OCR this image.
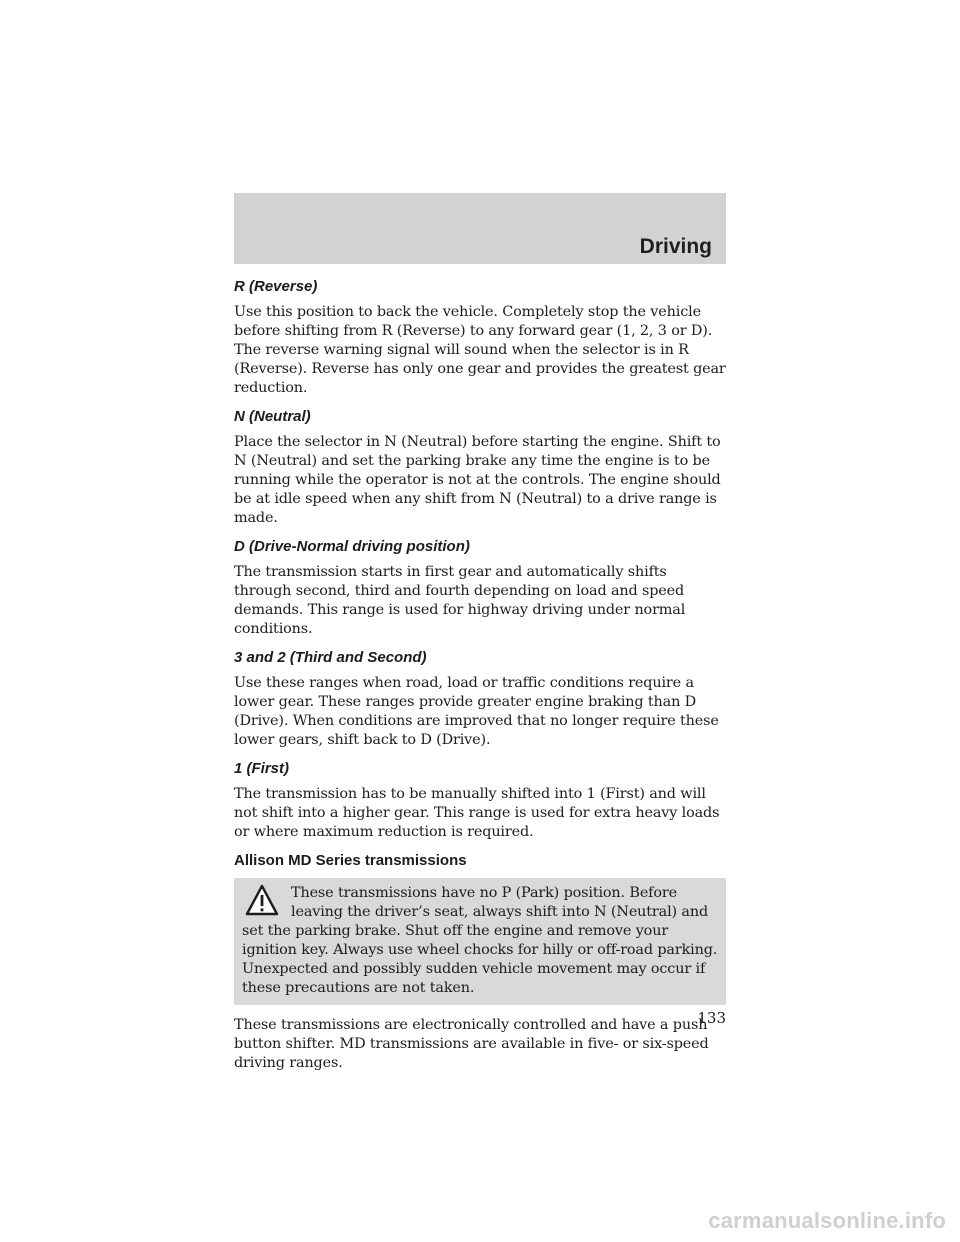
Driving
R (Reverse)

Use this position to back the vehicle. Completely stop the vehicle before shifting from R (Reverse) to any forward gear (1, 2, 3 or D). The reverse warning signal will sound when the selector is in R (Reverse). Reverse has only one gear and provides the greatest gear reduction.

N (Neutral)

Place the selector in N (Neutral) before starting the engine. Shift to N (Neutral) and set the parking brake any time the engine is to be running while the operator is not at the controls. The engine should be at idle speed when any shift from N (Neutral) to a drive range is made.

D (Drive-Normal driving position)

The transmission starts in first gear and automatically shifts through second, third and fourth depending on load and speed demands. This range is used for highway driving under normal conditions.

3 and 2 (Third and Second)

Use these ranges when road, load or traffic conditions require a lower gear. These ranges provide greater engine braking than D (Drive). When conditions are improved that no longer require these lower gears, shift back to D (Drive).

1 (First)

The transmission has to be manually shifted into 1 (First) and will not shift into a higher gear. This range is used for extra heavy loads or where maximum reduction is required.

Allison MD Series transmissions
These transmissions have no P (Park) position. Before leaving the driver’s seat, always shift into N (Neutral) and set the parking brake. Shut off the engine and remove your ignition key. Always use wheel chocks for hilly or off-road parking. Unexpected and possibly sudden vehicle movement may occur if these precautions are not taken.

These transmissions are electronically controlled and have a push button shifter. MD transmissions are available in five- or six-speed driving ranges.

133
carmanualsonline.info
